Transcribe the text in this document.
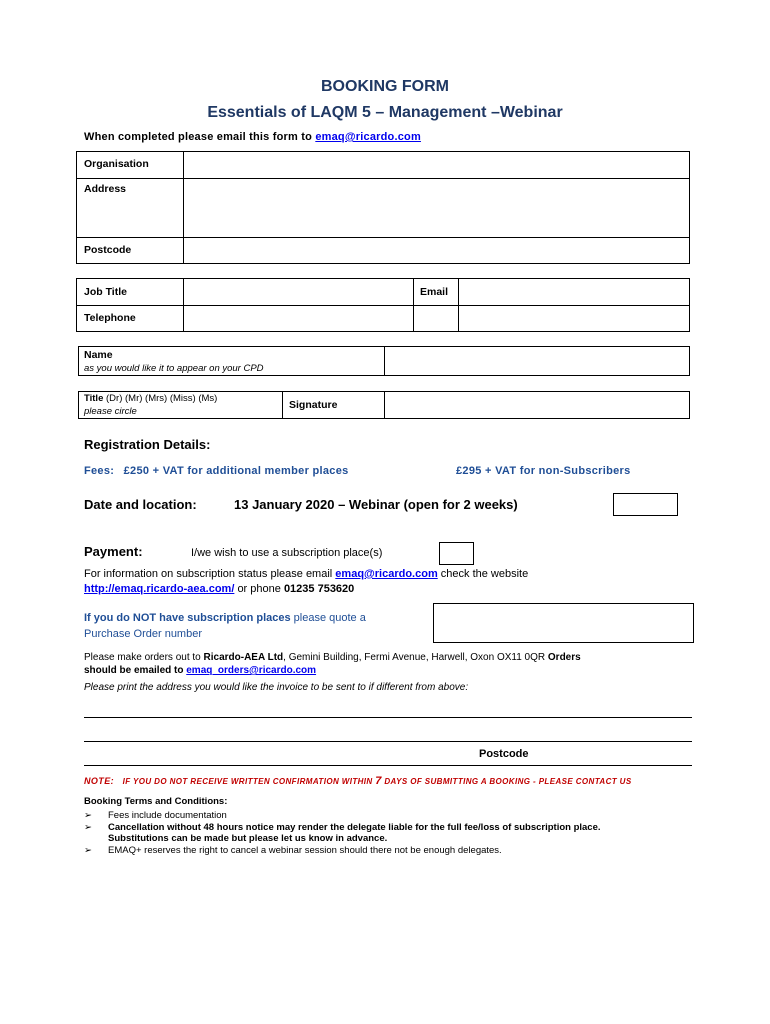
BOOKING FORM
Essentials of LAQM 5 – Management –Webinar
When completed please email this form to emaq@ricardo.com
Organisation
Address
Postcode
Job Title	Email
Telephone
Name
as you would like it to appear on your CPD
Title (Dr) (Mr) (Mrs) (Miss) (Ms)
please circle
Signature
Registration Details:
Fees: £250 + VAT for additional member places	£295 + VAT for non-Subscribers
Date and location:	13 January 2020 – Webinar (open for 2 weeks)
Payment:	I/we wish to use a subscription place(s)
For information on subscription status please email emaq@ricardo.com check the website
http://emaq.ricardo-aea.com/ or phone 01235 753620
If you do NOT have subscription places please quote a
Purchase Order number
Please make orders out to Ricardo-AEA Ltd, Gemini Building, Fermi Avenue, Harwell, Oxon OX11 0QR Orders
should be emailed to emaq_orders@ricardo.com
Please print the address you would like the invoice to be sent to if different from above:
Postcode
NOTE: IF YOU DO NOT RECEIVE WRITTEN CONFIRMATION WITHIN 7 DAYS OF SUBMITTING A BOOKING - PLEASE CONTACT US
Booking Terms and Conditions:
➢ Fees include documentation
➢ Cancellation without 48 hours notice may render the delegate liable for the full fee/loss of subscription place.
Substitutions can be made but please let us know in advance.
➢ EMAQ+ reserves the right to cancel a webinar session should there not be enough delegates.
